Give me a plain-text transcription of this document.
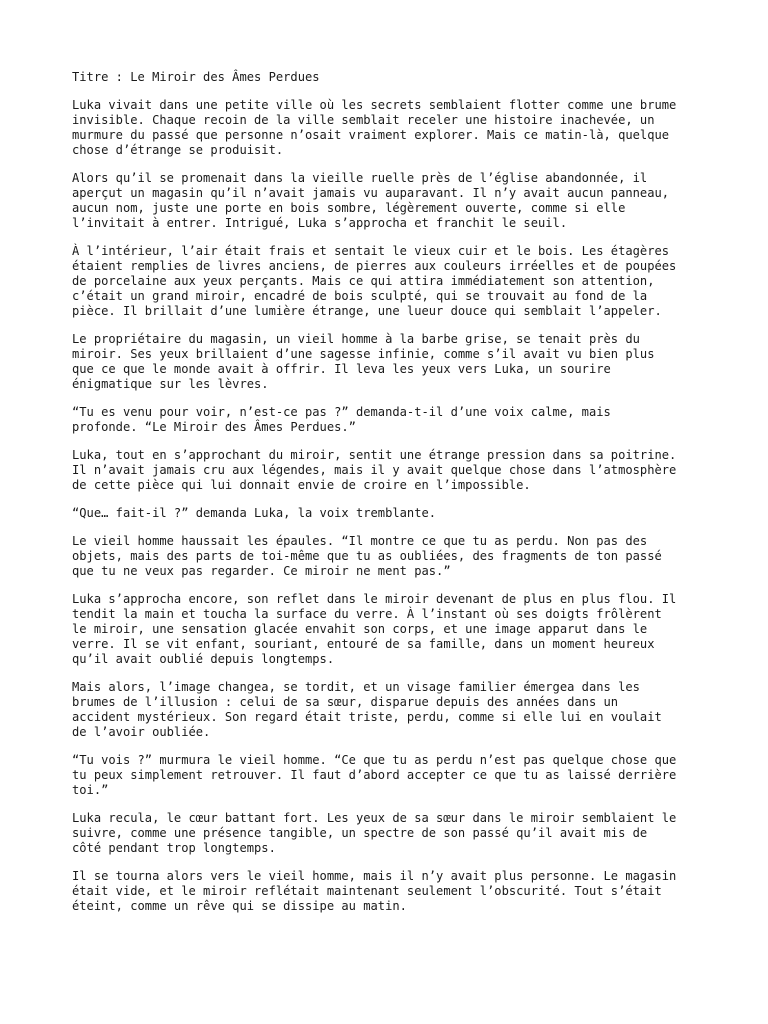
Titre : Le Miroir des Âmes Perdues

Luka vivait dans une petite ville où les secrets semblaient flotter comme une brume
invisible. Chaque recoin de la ville semblait receler une histoire inachevée, un
murmure du passé que personne n’osait vraiment explorer. Mais ce matin-là, quelque
chose d’étrange se produisit.

Alors qu’il se promenait dans la vieille ruelle près de l’église abandonnée, il
aperçut un magasin qu’il n’avait jamais vu auparavant. Il n’y avait aucun panneau,
aucun nom, juste une porte en bois sombre, légèrement ouverte, comme si elle
l’invitait à entrer. Intrigué, Luka s’approcha et franchit le seuil.

À l’intérieur, l’air était frais et sentait le vieux cuir et le bois. Les étagères
étaient remplies de livres anciens, de pierres aux couleurs irréelles et de poupées
de porcelaine aux yeux perçants. Mais ce qui attira immédiatement son attention,
c’était un grand miroir, encadré de bois sculpté, qui se trouvait au fond de la
pièce. Il brillait d’une lumière étrange, une lueur douce qui semblait l’appeler.

Le propriétaire du magasin, un vieil homme à la barbe grise, se tenait près du
miroir. Ses yeux brillaient d’une sagesse infinie, comme s’il avait vu bien plus
que ce que le monde avait à offrir. Il leva les yeux vers Luka, un sourire
énigmatique sur les lèvres.

“Tu es venu pour voir, n’est-ce pas ?” demanda-t-il d’une voix calme, mais
profonde. “Le Miroir des Âmes Perdues.”

Luka, tout en s’approchant du miroir, sentit une étrange pression dans sa poitrine.
Il n’avait jamais cru aux légendes, mais il y avait quelque chose dans l’atmosphère
de cette pièce qui lui donnait envie de croire en l’impossible.

“Que… fait-il ?” demanda Luka, la voix tremblante.

Le vieil homme haussait les épaules. “Il montre ce que tu as perdu. Non pas des
objets, mais des parts de toi-même que tu as oubliées, des fragments de ton passé
que tu ne veux pas regarder. Ce miroir ne ment pas.”

Luka s’approcha encore, son reflet dans le miroir devenant de plus en plus flou. Il
tendit la main et toucha la surface du verre. À l’instant où ses doigts frôlèrent
le miroir, une sensation glacée envahit son corps, et une image apparut dans le
verre. Il se vit enfant, souriant, entouré de sa famille, dans un moment heureux
qu’il avait oublié depuis longtemps.

Mais alors, l’image changea, se tordit, et un visage familier émergea dans les
brumes de l’illusion : celui de sa sœur, disparue depuis des années dans un
accident mystérieux. Son regard était triste, perdu, comme si elle lui en voulait
de l’avoir oubliée.

“Tu vois ?” murmura le vieil homme. “Ce que tu as perdu n’est pas quelque chose que
tu peux simplement retrouver. Il faut d’abord accepter ce que tu as laissé derrière
toi.”

Luka recula, le cœur battant fort. Les yeux de sa sœur dans le miroir semblaient le
suivre, comme une présence tangible, un spectre de son passé qu’il avait mis de
côté pendant trop longtemps.

Il se tourna alors vers le vieil homme, mais il n’y avait plus personne. Le magasin
était vide, et le miroir reflétait maintenant seulement l’obscurité. Tout s’était
éteint, comme un rêve qui se dissipe au matin.
